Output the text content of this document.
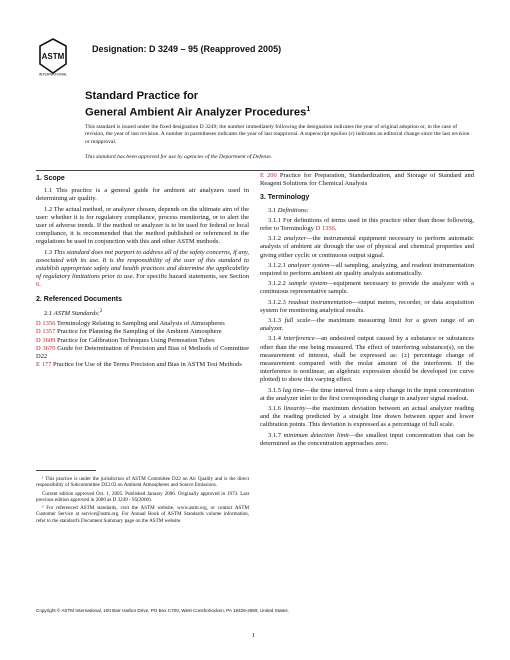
ASTM
INTERNATIONAL
Designation: D 3249 – 95 (Reapproved 2005)
Standard Practice for
General Ambient Air Analyzer Procedures$^1$
This standard is issued under the fixed designation D 3249; the number immediately following the designation indicates the year of original adoption or, in the case of revision, the year of last revision. A number in parentheses indicates the year of last reapproval. A superscript epsilon (ε) indicates an editorial change since the last revision or reapproval.
This standard has been approved for use by agencies of the Department of Defense.

1. Scope

1.1 This practice is a general guide for ambient air analyzers used in determining air quality.

1.2 The actual method, or analyzer chosen, depends on the ultimate aim of the user: whether it is for regulatory compliance, process monitoring, or to alert the user of adverse trends. If the method or analyzer is to be used for federal or local compliance, it is recommended that the method published or referenced in the regulations be used in conjunction with this and other ASTM methods.

1.3 This standard does not purport to address all of the safety concerns, if any, associated with its use. It is the responsibility of the user of this standard to establish appropriate safety and health practices and determine the applicability of regulatory limitations prior to use. For specific hazard statements, see Section 6.

2. Referenced Documents

2.1 ASTM Standards:$^2$

D 1356 Terminology Relating to Sampling and Analysis of Atmospheres

D 1357 Practice for Planning the Sampling of the Ambient Atmosphere

D 3609 Practice for Calibration Techniques Using Permeation Tubes

D 3670 Guide for Determination of Precision and Bias of Methods of Committee D22

E 177 Practice for Use of the Terms Precision and Bias in ASTM Test Methods

¹ This practice is under the jurisdiction of ASTM Committee D22 on Air Quality and is the direct responsibility of Subcommittee D22.03 on Ambient Atmospheres and Source Emissions.

Current edition approved Oct. 1, 2005. Published January 2006. Originally approved in 1973. Last previous edition approved in 2000 as D 3249 - 95(2000).

² For referenced ASTM standards, visit the ASTM website, www.astm.org, or contact ASTM Customer Service at service@astm.org. For Annual Book of ASTM Standards volume information, refer to the standard's Document Summary page on the ASTM website.

E 200 Practice for Preparation, Standardization, and Storage of Standard and Reagent Solutions for Chemical Analysis

3. Terminology

3.1 Definitions:

3.1.1 For definitions of terms used in this practice other than those following, refer to Terminology D 1356.

3.1.2 analyzer—the instrumental equipment necessary to perform automatic analysis of ambient air through the use of physical and chemical properties and giving either cyclic or continuous output signal.

3.1.2.1 analyzer system—all sampling, analyzing, and readout instrumentation required to perform ambient air quality analysis automatically.

3.1.2.2 sample system—equipment necessary to provide the analyzer with a continuous representative sample.

3.1.2.3 readout instrumentation—output meters, recorder, or data acquisition system for monitoring analytical results.

3.1.3 full scale—the maximum measuring limit for a given range of an analyzer.

3.1.4 interference—an undesired output caused by a substance or substances other than the one being measured. The effect of interfering substance(s), on the measurement of interest, shall be expressed as: (±) percentage change of measurement compared with the molar amount of the interferent. If the interference is nonlinear, an algebraic expression should be developed (or curve plotted) to show this varying effect.

3.1.5 lag time—the time interval from a step change in the input concentration at the analyzer inlet to the first corresponding change in analyzer signal readout.

3.1.6 linearity—the maximum deviation between an actual analyzer reading and the reading predicted by a straight line drawn between upper and lower calibration points. This deviation is expressed as a percentage of full scale.

3.1.7 minimum detection limit—the smallest input concentration that can be determined as the concentration approaches zero.

Copyright © ASTM International, 100 Barr Harbor Drive, PO Box C700, West Conshohocken, PA 19428-2959, United States.
1
